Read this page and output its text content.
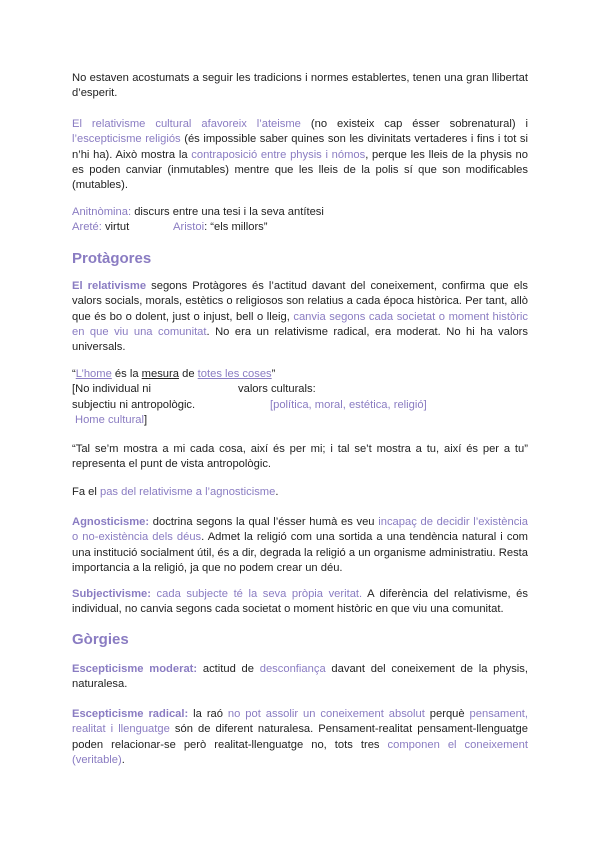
No estaven acostumats a seguir les tradicions i normes establertes, tenen una gran llibertat d’esperit.
El relativisme cultural afavoreix l’ateisme (no existeix cap ésser sobrenatural) i l’escepticisme religiós (és impossible saber quines son les divinitats vertaderes i fins i tot si n’hi ha). Això mostra la contraposició entre physis i nómos, perque les lleis de la physis no es poden canviar (inmutables) mentre que les lleis de la polis sí que son modificables (mutables).
Anitnòmina: discurs entre una tesi i la seva antítesi
Areté: virtut	Aristoi: “els millors”
Protàgores
El relativisme segons Protàgores és l’actitud davant del coneixement, confirma que els valors socials, morals, estètics o religiosos son relatius a cada época històrica. Per tant, allò que és bo o dolent, just o injust, bell o lleig, canvia segons cada societat o moment històric en que viu una comunitat. No era un relativisme radical, era moderat. No hi ha valors universals.
“L’home és la mesura de totes les coses”
[No individual ni	valors culturals:
subjectiu ni antropològic.	[política, moral, estética, religió]
Home cultural]
“Tal se’m mostra a mi cada cosa, així és per mi; i tal se’t mostra a tu, així és per a tu” representa el punt de vista antropològic.
Fa el pas del relativisme a l’agnosticisme.
Agnosticisme: doctrina segons la qual l’ésser humà es veu incapaç de decidir l’existència o no-existència dels déus. Admet la religió com una sortida a una tendència natural i com una institució socialment útil, és a dir, degrada la religió a un organisme administratiu. Resta importancia a la religió, ja que no podem crear un déu.
Subjectivisme: cada subjecte té la seva pròpia veritat. A diferència del relativisme, és individual, no canvia segons cada societat o moment històric en que viu una comunitat.
Gòrgies
Escepticisme moderat: actitud de desconfiança davant del coneixement de la physis, naturalesa.
Escepticisme radical: la raó no pot assolir un coneixement absolut perquè pensament, realitat i llenguatge són de diferent naturalesa. Pensament-realitat pensament-llenguatge poden relacionar-se però realitat-llenguatge no, tots tres componen el coneixement (veritable).
